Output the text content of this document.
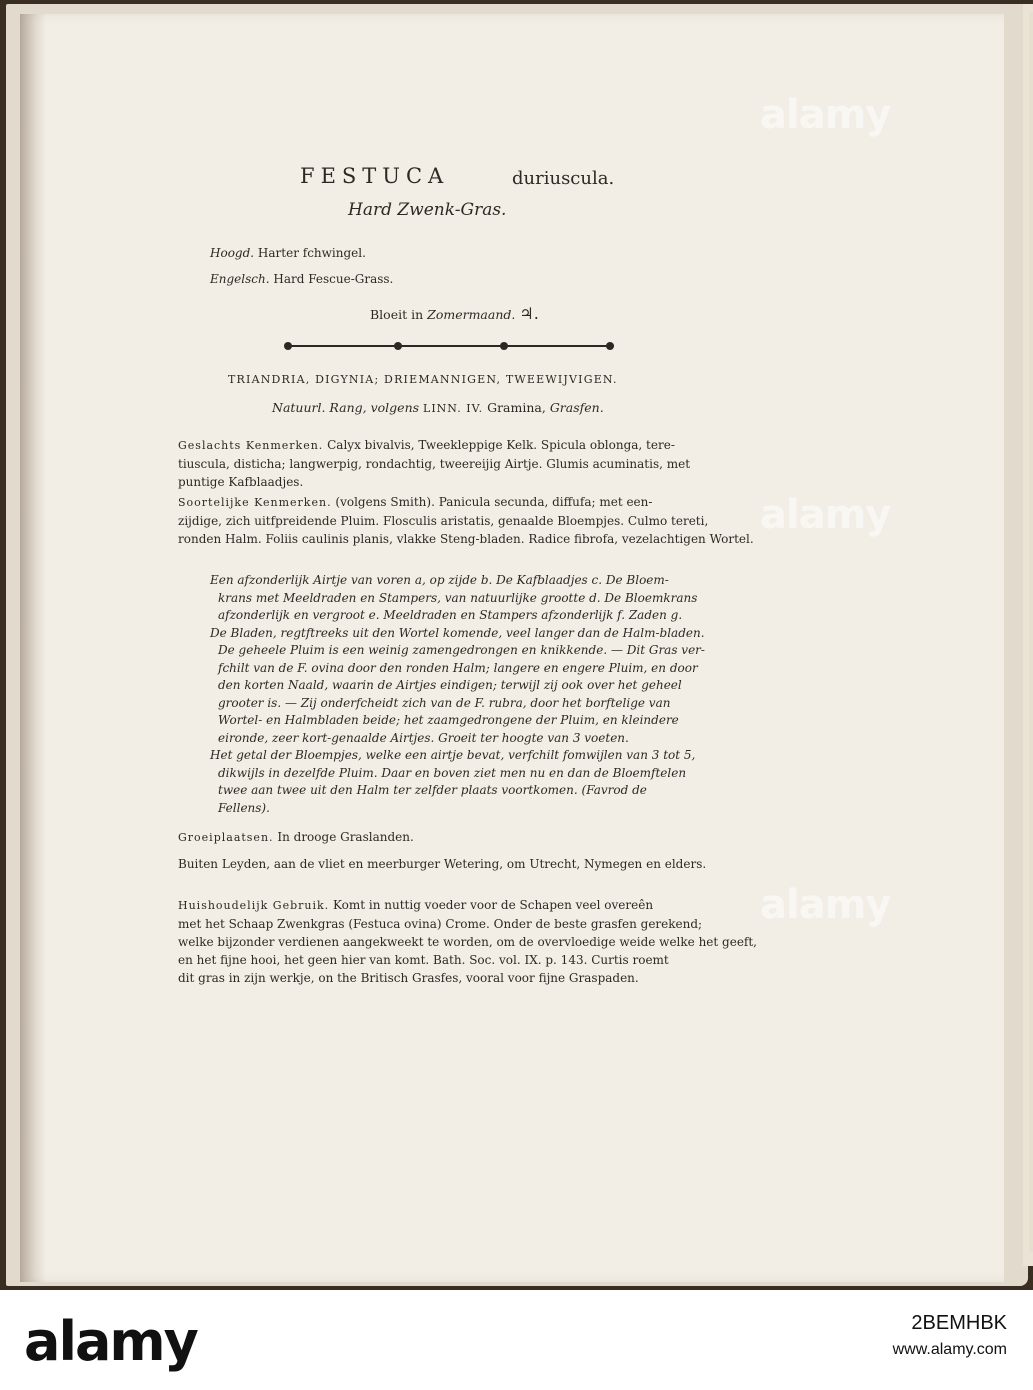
FESTUCA	duriuscula.
Hard Zwenk-Gras.
Hoogd. Harter fchwingel.
Engelsch. Hard Fescue-Grass.
Bloeit in Zomermaand. ♃.
TRIANDRIA, DIGYNIA; DRIEMANNIGEN, TWEEWIJVIGEN.
Natuurl. Rang, volgens LINN. IV. Gramina, Grasfen.
Geslachts Kenmerken. Calyx bivalvis, Tweekleppige Kelk. Spicula oblonga, tere-
tiuscula, disticha; langwerpig, rondachtig, tweereijig Airtje. Glumis acuminatis, met
puntige Kafblaadjes.
Soortelijke Kenmerken. (volgens Smith). Panicula secunda, diffufa; met een-
zijdige, zich uitfpreidende Pluim. Flosculis aristatis, genaalde Bloempjes. Culmo tereti,
ronden Halm. Foliis caulinis planis, vlakke Steng-bladen. Radice fibrofa, vezelachtigen Wortel.
Een afzonderlijk Airtje van voren a, op zijde b. De Kafblaadjes c. De Bloem-
krans met Meeldraden en Stampers, van natuurlijke grootte d. De Bloemkrans
afzonderlijk en vergroot e. Meeldraden en Stampers afzonderlijk f. Zaden g.
De Bladen, regtftreeks uit den Wortel komende, veel langer dan de Halm-bladen.
De geheele Pluim is een weinig zamengedrongen en knikkende. — Dit Gras ver-
fchilt van de F. ovina door den ronden Halm; langere en engere Pluim, en door
den korten Naald, waarin de Airtjes eindigen; terwijl zij ook over het geheel
grooter is. — Zij onderfcheidt zich van de F. rubra, door het borftelige van
Wortel- en Halmbladen beide; het zaamgedrongene der Pluim, en kleindere
eironde, zeer kort-genaalde Airtjes. Groeit ter hoogte van 3 voeten.
Het getal der Bloempjes, welke een airtje bevat, verfchilt fomwijlen van 3 tot 5,
dikwijls in dezelfde Pluim. Daar en boven ziet men nu en dan de Bloemftelen
twee aan twee uit den Halm ter zelfder plaats voortkomen. (Favrod de
Fellens).
Groeiplaatsen. In drooge Graslanden.
Buiten Leyden, aan de vliet en meerburger Wetering, om Utrecht, Nymegen en elders.
Huishoudelijk Gebruik. Komt in nuttig voeder voor de Schapen veel overeên
met het Schaap Zwenkgras (Festuca ovina) Crome. Onder de beste grasfen gerekend;
welke bijzonder verdienen aangekweekt te worden, om de overvloedige weide welke het geeft,
en het fijne hooi, het geen hier van komt. Bath. Soc. vol. IX. p. 143. Curtis roemt
dit gras in zijn werkje, on the Britisch Grasfes, vooral voor fijne Graspaden.
alamy
alamy
alamy
alamy	2BEMHBK
www.alamy.com
